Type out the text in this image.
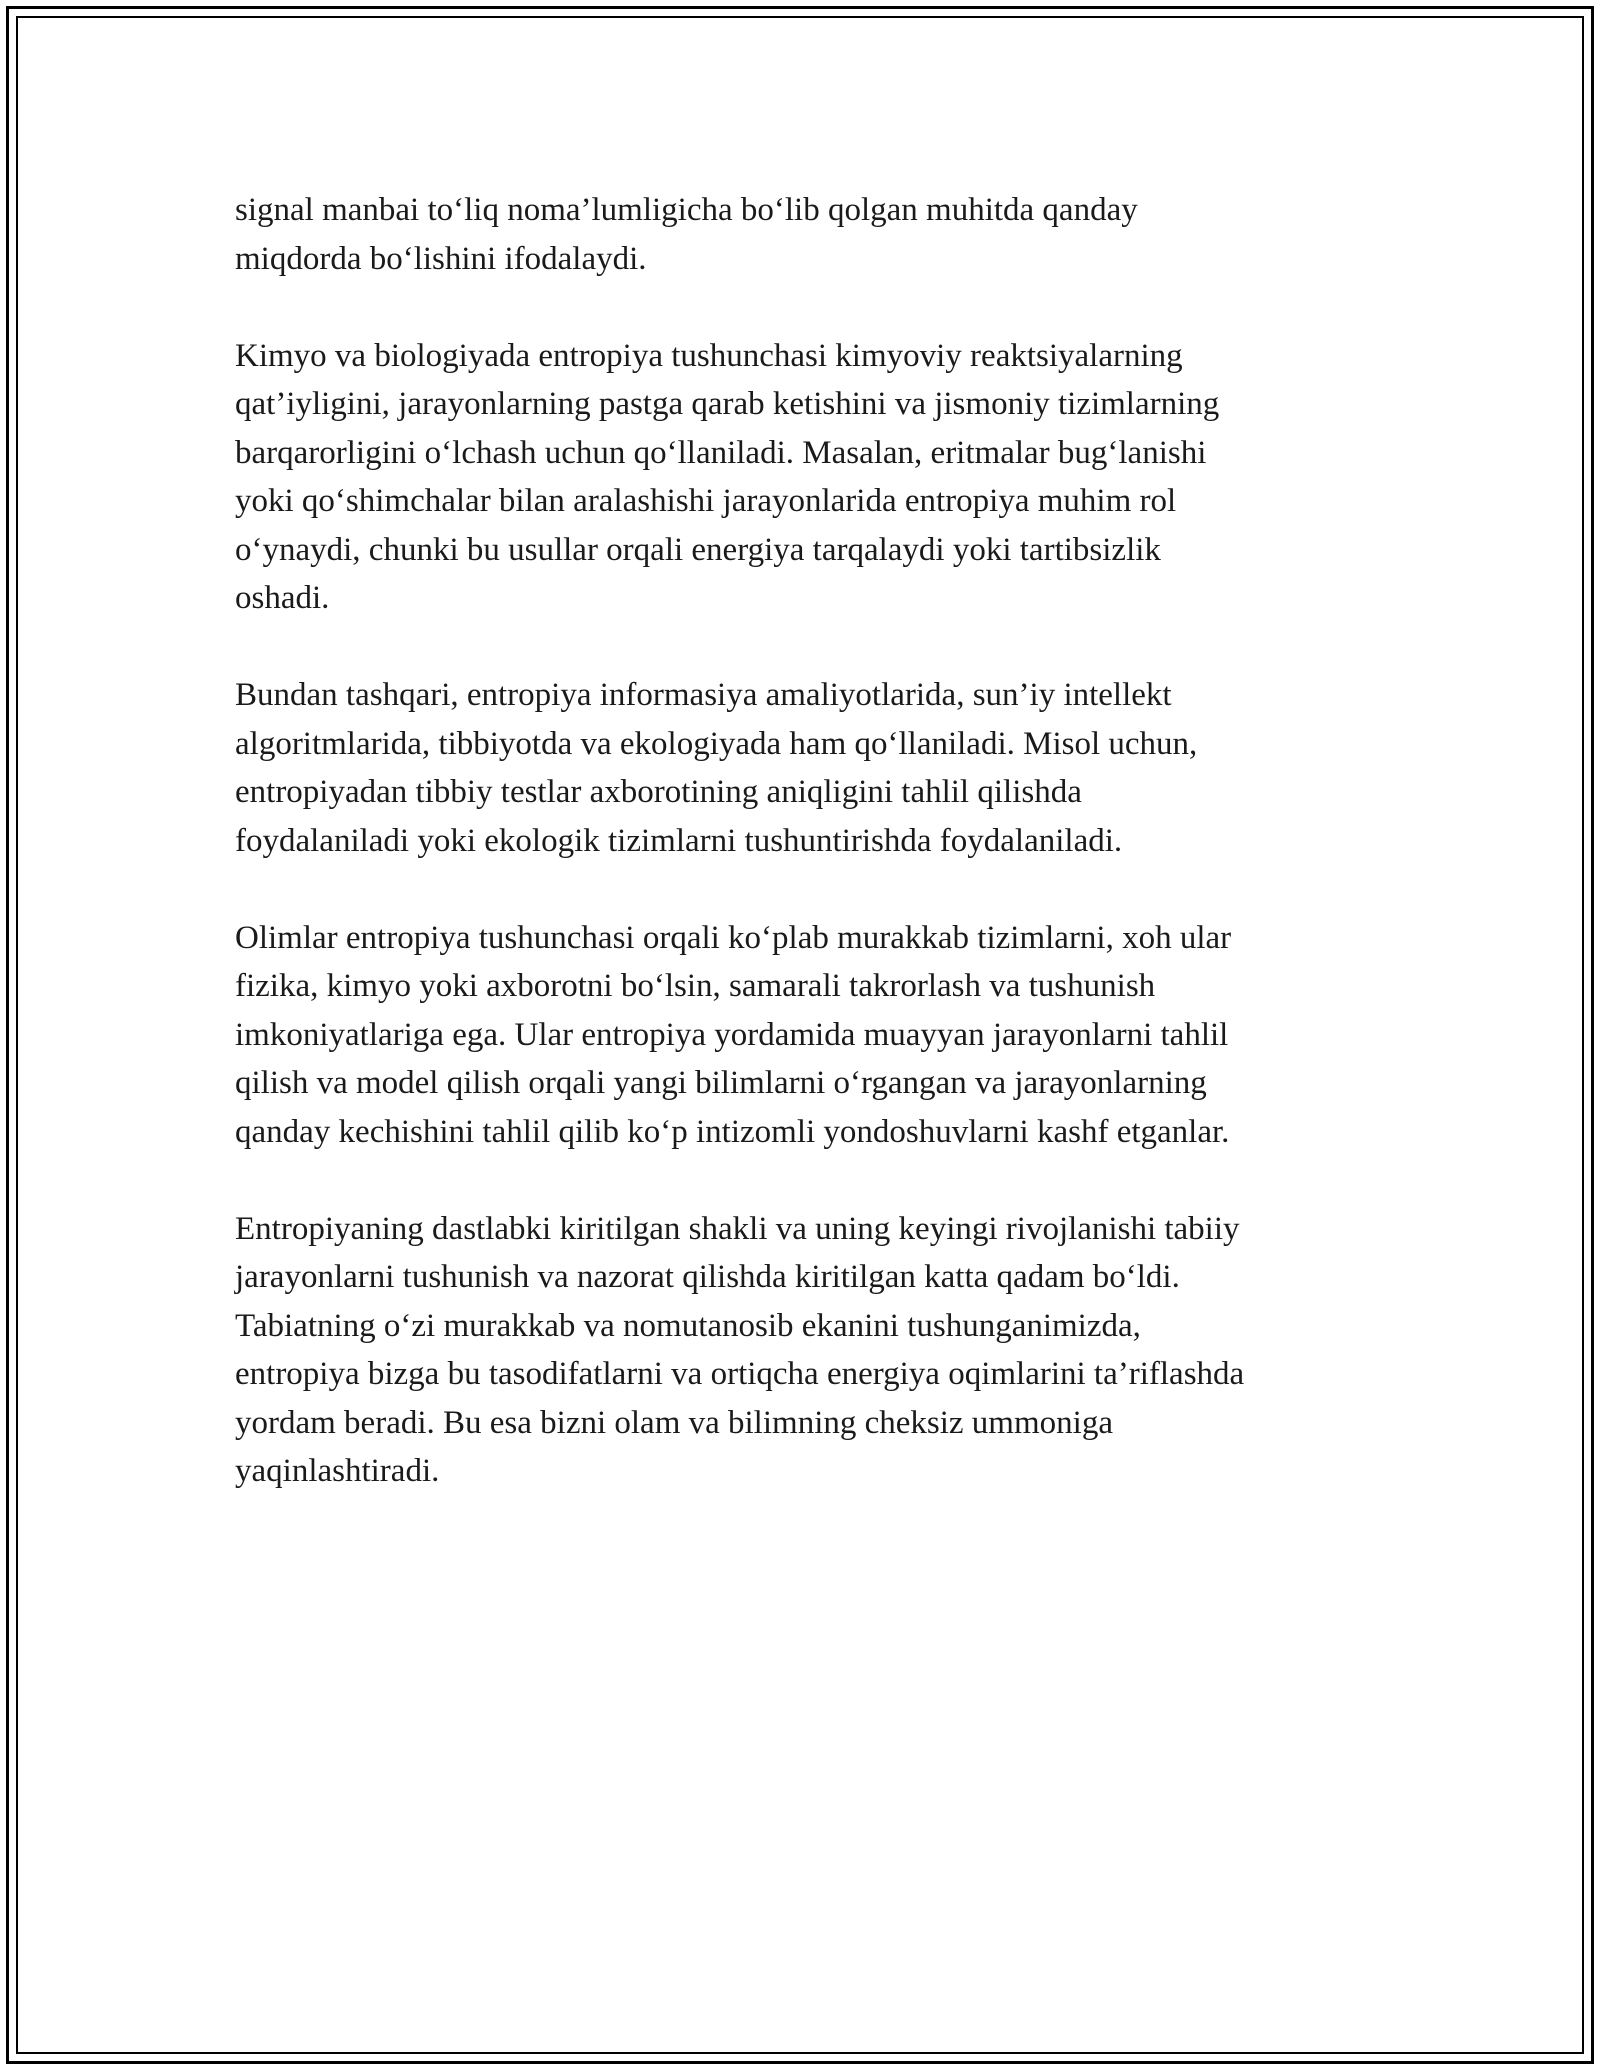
signal manbai to‘liq noma’lumligicha bo‘lib qolgan muhitda qanday
miqdorda bo‘lishini ifodalaydi.

Kimyo va biologiyada entropiya tushunchasi kimyoviy reaktsiyalarning
qat’iyligini, jarayonlarning pastga qarab ketishini va jismoniy tizimlarning
barqarorligini o‘lchash uchun qo‘llaniladi. Masalan, eritmalar bug‘lanishi
yoki qo‘shimchalar bilan aralashishi jarayonlarida entropiya muhim rol
o‘ynaydi, chunki bu usullar orqali energiya tarqalaydi yoki tartibsizlik
oshadi.

Bundan tashqari, entropiya informasiya amaliyotlarida, sun’iy intellekt
algoritmlarida, tibbiyotda va ekologiyada ham qo‘llaniladi. Misol uchun,
entropiyadan tibbiy testlar axborotining aniqligini tahlil qilishda
foydalaniladi yoki ekologik tizimlarni tushuntirishda foydalaniladi.

Olimlar entropiya tushunchasi orqali ko‘plab murakkab tizimlarni, xoh ular
fizika, kimyo yoki axborotni bo‘lsin, samarali takrorlash va tushunish
imkoniyatlariga ega. Ular entropiya yordamida muayyan jarayonlarni tahlil
qilish va model qilish orqali yangi bilimlarni o‘rgangan va jarayonlarning
qanday kechishini tahlil qilib ko‘p intizomli yondoshuvlarni kashf etganlar.

Entropiyaning dastlabki kiritilgan shakli va uning keyingi rivojlanishi tabiiy
jarayonlarni tushunish va nazorat qilishda kiritilgan katta qadam bo‘ldi.
Tabiatning o‘zi murakkab va nomutanosib ekanini tushunganimizda,
entropiya bizga bu tasodifatlarni va ortiqcha energiya oqimlarini ta’riflashda
yordam beradi. Bu esa bizni olam va bilimning cheksiz ummoniga
yaqinlashtiradi.
